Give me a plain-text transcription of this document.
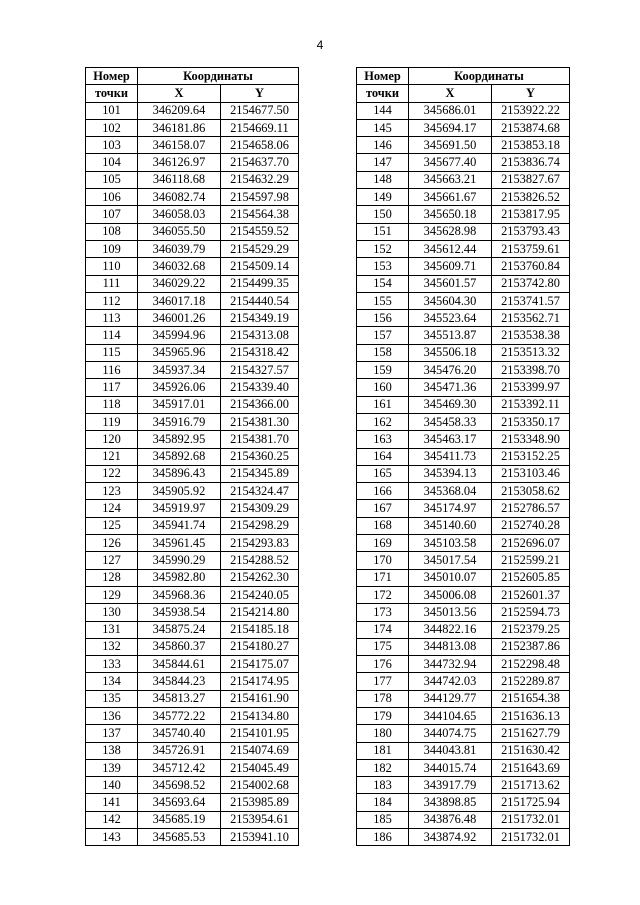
4
Номер	Координаты	
точки	X	Y
101	346209.64	2154677.50
102	346181.86	2154669.11
103	346158.07	2154658.06
104	346126.97	2154637.70
105	346118.68	2154632.29
106	346082.74	2154597.98
107	346058.03	2154564.38
108	346055.50	2154559.52
109	346039.79	2154529.29
110	346032.68	2154509.14
111	346029.22	2154499.35
112	346017.18	2154440.54
113	346001.26	2154349.19
114	345994.96	2154313.08
115	345965.96	2154318.42
116	345937.34	2154327.57
117	345926.06	2154339.40
118	345917.01	2154366.00
119	345916.79	2154381.30
120	345892.95	2154381.70
121	345892.68	2154360.25
122	345896.43	2154345.89
123	345905.92	2154324.47
124	345919.97	2154309.29
125	345941.74	2154298.29
126	345961.45	2154293.83
127	345990.29	2154288.52
128	345982.80	2154262.30
129	345968.36	2154240.05
130	345938.54	2154214.80
131	345875.24	2154185.18
132	345860.37	2154180.27
133	345844.61	2154175.07
134	345844.23	2154174.95
135	345813.27	2154161.90
136	345772.22	2154134.80
137	345740.40	2154101.95
138	345726.91	2154074.69
139	345712.42	2154045.49
140	345698.52	2154002.68
141	345693.64	2153985.89
142	345685.19	2153954.61
143	345685.53	2153941.10
Номер	Координаты	
точки	X	Y
144	345686.01	2153922.22
145	345694.17	2153874.68
146	345691.50	2153853.18
147	345677.40	2153836.74
148	345663.21	2153827.67
149	345661.67	2153826.52
150	345650.18	2153817.95
151	345628.98	2153793.43
152	345612.44	2153759.61
153	345609.71	2153760.84
154	345601.57	2153742.80
155	345604.30	2153741.57
156	345523.64	2153562.71
157	345513.87	2153538.38
158	345506.18	2153513.32
159	345476.20	2153398.70
160	345471.36	2153399.97
161	345469.30	2153392.11
162	345458.33	2153350.17
163	345463.17	2153348.90
164	345411.73	2153152.25
165	345394.13	2153103.46
166	345368.04	2153058.62
167	345174.97	2152786.57
168	345140.60	2152740.28
169	345103.58	2152696.07
170	345017.54	2152599.21
171	345010.07	2152605.85
172	345006.08	2152601.37
173	345013.56	2152594.73
174	344822.16	2152379.25
175	344813.08	2152387.86
176	344732.94	2152298.48
177	344742.03	2152289.87
178	344129.77	2151654.38
179	344104.65	2151636.13
180	344074.75	2151627.79
181	344043.81	2151630.42
182	344015.74	2151643.69
183	343917.79	2151713.62
184	343898.85	2151725.94
185	343876.48	2151732.01
186	343874.92	2151732.01
